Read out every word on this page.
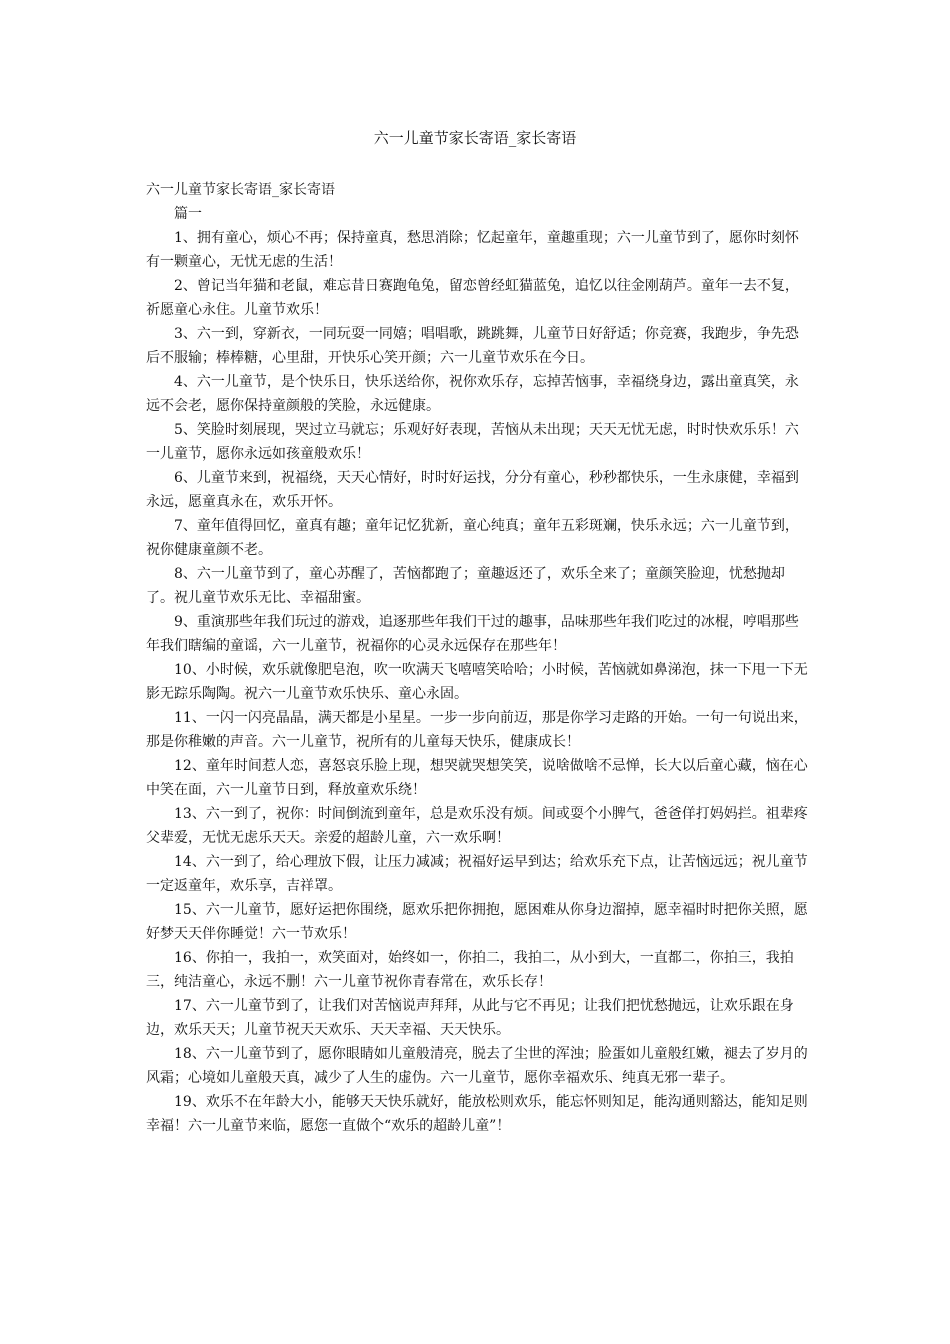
六一儿童节家长寄语_家长寄语

六一儿童节家长寄语_家长寄语

篇一

1、拥有童心，烦心不再；保持童真，愁思消除；忆起童年，童趣重现；六一儿童节到了，愿你时刻怀有一颗童心，无忧无虑的生活！

2、曾记当年猫和老鼠，难忘昔日赛跑龟兔，留恋曾经虹猫蓝兔，追忆以往金刚葫芦。童年一去不复，祈愿童心永住。儿童节欢乐！

3、六一到，穿新衣，一同玩耍一同嬉；唱唱歌，跳跳舞，儿童节日好舒适；你竞赛，我跑步，争先恐后不服输；棒棒糖，心里甜，开快乐心笑开颜；六一儿童节欢乐在今日。

4、六一儿童节，是个快乐日，快乐送给你，祝你欢乐存，忘掉苦恼事，幸福绕身边，露出童真笑，永远不会老，愿你保持童颜般的笑脸，永远健康。

5、笑脸时刻展现，哭过立马就忘；乐观好好表现，苦恼从未出现；天天无忧无虑，时时快欢乐乐！六一儿童节，愿你永远如孩童般欢乐！

6、儿童节来到，祝福绕，天天心情好，时时好运找，分分有童心，秒秒都快乐，一生永康健，幸福到永远，愿童真永在，欢乐开怀。

7、童年值得回忆，童真有趣；童年记忆犹新，童心纯真；童年五彩斑斓，快乐永远；六一儿童节到，祝你健康童颜不老。

8、六一儿童节到了，童心苏醒了，苦恼都跑了；童趣返还了，欢乐全来了；童颜笑脸迎，忧愁抛却了。祝儿童节欢乐无比、幸福甜蜜。

9、重演那些年我们玩过的游戏，追逐那些年我们干过的趣事，品味那些年我们吃过的冰棍，哼唱那些年我们瞎编的童谣，六一儿童节，祝福你的心灵永远保存在那些年！

10、小时候，欢乐就像肥皂泡，吹一吹满天飞嘻嘻笑哈哈；小时候，苦恼就如鼻涕泡，抹一下甩一下无影无踪乐陶陶。祝六一儿童节欢乐快乐、童心永固。

11、一闪一闪亮晶晶，满天都是小星星。一步一步向前迈，那是你学习走路的开始。一句一句说出来，那是你稚嫩的声音。六一儿童节，祝所有的儿童每天快乐，健康成长！

12、童年时间惹人恋，喜怒哀乐脸上现，想哭就哭想笑笑，说啥做啥不忌惮，长大以后童心藏，恼在心中笑在面，六一儿童节日到，释放童欢乐绕！

13、六一到了，祝你：时间倒流到童年，总是欢乐没有烦。间或耍个小脾气，爸爸佯打妈妈拦。祖辈疼父辈爱，无忧无虑乐天天。亲爱的超龄儿童，六一欢乐啊！

14、六一到了，给心理放下假，让压力减减；祝福好运早到达；给欢乐充下点，让苦恼远远；祝儿童节一定返童年，欢乐享，吉祥罩。

15、六一儿童节，愿好运把你围绕，愿欢乐把你拥抱，愿困难从你身边溜掉，愿幸福时时把你关照，愿好梦天天伴你睡觉！六一节欢乐！

16、你拍一，我拍一，欢笑面对，始终如一，你拍二，我拍二，从小到大，一直都二，你拍三，我拍三，纯洁童心，永远不删！六一儿童节祝你青春常在，欢乐长存！

17、六一儿童节到了，让我们对苦恼说声拜拜，从此与它不再见；让我们把忧愁抛远，让欢乐跟在身边，欢乐天天；儿童节祝天天欢乐、天天幸福、天天快乐。

18、六一儿童节到了，愿你眼睛如儿童般清亮，脱去了尘世的浑浊；脸蛋如儿童般红嫩，褪去了岁月的风霜；心境如儿童般天真，减少了人生的虚伪。六一儿童节，愿你幸福欢乐、纯真无邪一辈子。

19、欢乐不在年龄大小，能够天天快乐就好，能放松则欢乐，能忘怀则知足，能沟通则豁达，能知足则幸福！六一儿童节来临，愿您一直做个“欢乐的超龄儿童”！
